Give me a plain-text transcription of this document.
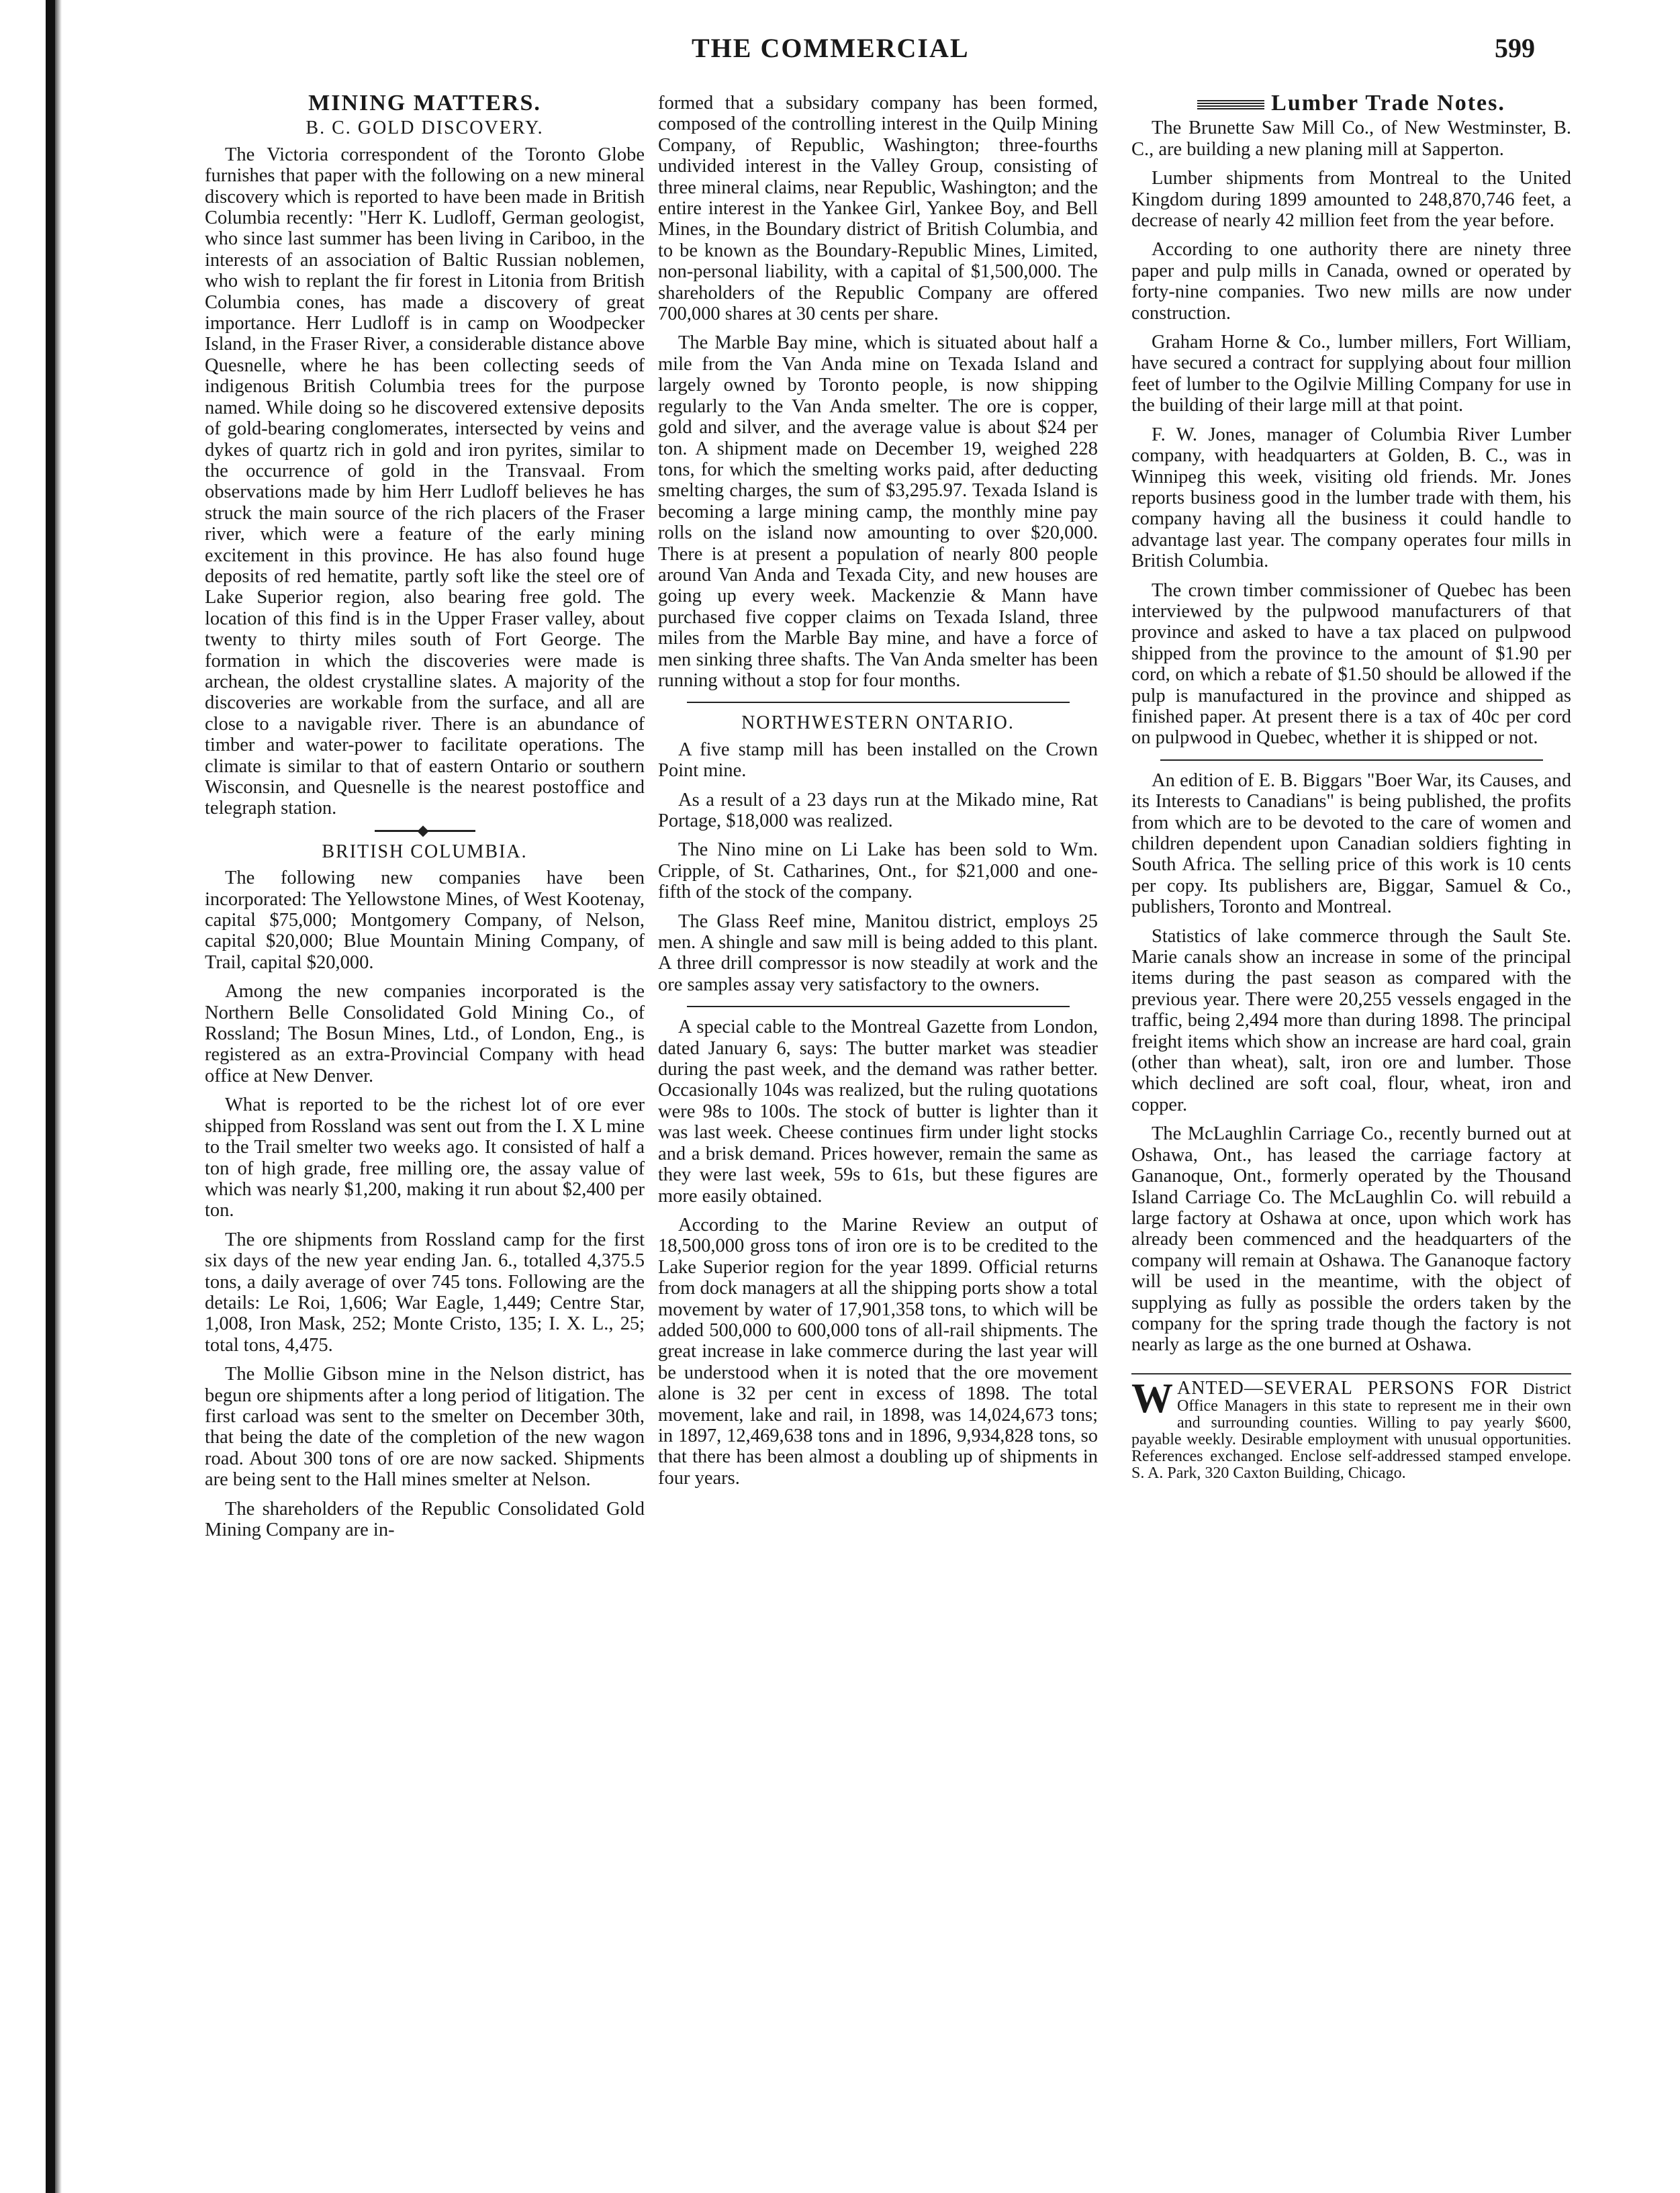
THE COMMERCIAL	599
MINING MATTERS.
B. C. GOLD DISCOVERY.

The Victoria correspondent of the Toronto Globe furnishes that paper with the following on a new mineral discovery which is reported to have been made in British Columbia recently: "Herr K. Ludloff, German geologist, who since last summer has been living in Cariboo, in the interests of an association of Baltic Russian noblemen, who wish to replant the fir forest in Litonia from British Columbia cones, has made a discovery of great importance. Herr Ludloff is in camp on Woodpecker Island, in the Fraser River, a considerable distance above Quesnelle, where he has been collecting seeds of indigenous British Columbia trees for the purpose named. While doing so he discovered extensive deposits of gold-bearing conglomerates, intersected by veins and dykes of quartz rich in gold and iron pyrites, similar to the occurrence of gold in the Transvaal. From observations made by him Herr Ludloff believes he has struck the main source of the rich placers of the Fraser river, which were a feature of the early mining excitement in this province. He has also found huge deposits of red hematite, partly soft like the steel ore of Lake Superior region, also bearing free gold. The location of this find is in the Upper Fraser valley, about twenty to thirty miles south of Fort George. The formation in which the discoveries were made is archean, the oldest crystalline slates. A majority of the discoveries are workable from the surface, and all are close to a navigable river. There is an abundance of timber and water-power to facilitate operations. The climate is similar to that of eastern Ontario or southern Wisconsin, and Quesnelle is the nearest postoffice and telegraph station.

BRITISH COLUMBIA.

The following new companies have been incorporated: The Yellowstone Mines, of West Kootenay, capital $75,000; Montgomery Company, of Nelson, capital $20,000; Blue Mountain Mining Company, of Trail, capital $20,000.

Among the new companies incorporated is the Northern Belle Consolidated Gold Mining Co., of Rossland; The Bosun Mines, Ltd., of London, Eng., is registered as an extra-Provincial Company with head office at New Denver.

What is reported to be the richest lot of ore ever shipped from Rossland was sent out from the I. X L mine to the Trail smelter two weeks ago. It consisted of half a ton of high grade, free milling ore, the assay value of which was nearly $1,200, making it run about $2,400 per ton.

The ore shipments from Rossland camp for the first six days of the new year ending Jan. 6., totalled 4,375.5 tons, a daily average of over 745 tons. Following are the details: Le Roi, 1,606; War Eagle, 1,449; Centre Star, 1,008, Iron Mask, 252; Monte Cristo, 135; I. X. L., 25; total tons, 4,475.

The Mollie Gibson mine in the Nelson district, has begun ore shipments after a long period of litigation. The first carload was sent to the smelter on December 30th, that being the date of the completion of the new wagon road. About 300 tons of ore are now sacked. Shipments are being sent to the Hall mines smelter at Nelson.

The shareholders of the Republic Consolidated Gold Mining Company are in-

formed that a subsidary company has been formed, composed of the controlling interest in the Quilp Mining Company, of Republic, Washington; three-fourths undivided interest in the Valley Group, consisting of three mineral claims, near Republic, Washington; and the entire interest in the Yankee Girl, Yankee Boy, and Bell Mines, in the Boundary district of British Columbia, and to be known as the Boundary-Republic Mines, Limited, non-personal liability, with a capital of $1,500,000. The shareholders of the Republic Company are offered 700,000 shares at 30 cents per share.

The Marble Bay mine, which is situated about half a mile from the Van Anda mine on Texada Island and largely owned by Toronto people, is now shipping regularly to the Van Anda smelter. The ore is copper, gold and silver, and the average value is about $24 per ton. A shipment made on December 19, weighed 228 tons, for which the smelting works paid, after deducting smelting charges, the sum of $3,295.97. Texada Island is becoming a large mining camp, the monthly mine pay rolls on the island now amounting to over $20,000. There is at present a population of nearly 800 people around Van Anda and Texada City, and new houses are going up every week. Mackenzie & Mann have purchased five copper claims on Texada Island, three miles from the Marble Bay mine, and have a force of men sinking three shafts. The Van Anda smelter has been running without a stop for four months.

NORTHWESTERN ONTARIO.

A five stamp mill has been installed on the Crown Point mine.

As a result of a 23 days run at the Mikado mine, Rat Portage, $18,000 was realized.

The Nino mine on Li Lake has been sold to Wm. Cripple, of St. Catharines, Ont., for $21,000 and one-fifth of the stock of the company.

The Glass Reef mine, Manitou district, employs 25 men. A shingle and saw mill is being added to this plant. A three drill compressor is now steadily at work and the ore samples assay very satisfactory to the owners.

A special cable to the Montreal Gazette from London, dated January 6, says: The butter market was steadier during the past week, and the demand was rather better. Occasionally 104s was realized, but the ruling quotations were 98s to 100s. The stock of butter is lighter than it was last week. Cheese continues firm under light stocks and a brisk demand. Prices however, remain the same as they were last week, 59s to 61s, but these figures are more easily obtained.

According to the Marine Review an output of 18,500,000 gross tons of iron ore is to be credited to the Lake Superior region for the year 1899. Official returns from dock managers at all the shipping ports show a total movement by water of 17,901,358 tons, to which will be added 500,000 to 600,000 tons of all-rail shipments. The great increase in lake commerce during the last year will be understood when it is noted that the ore movement alone is 32 per cent in excess of 1898. The total movement, lake and rail, in 1898, was 14,024,673 tons; in 1897, 12,469,638 tons and in 1896, 9,934,828 tons, so that there has been almost a doubling up of shipments in four years.

Lumber Trade Notes.

The Brunette Saw Mill Co., of New Westminster, B. C., are building a new planing mill at Sapperton.

Lumber shipments from Montreal to the United Kingdom during 1899 amounted to 248,870,746 feet, a decrease of nearly 42 million feet from the year before.

According to one authority there are ninety three paper and pulp mills in Canada, owned or operated by forty-nine companies. Two new mills are now under construction.

Graham Horne & Co., lumber millers, Fort William, have secured a contract for supplying about four million feet of lumber to the Ogilvie Milling Company for use in the building of their large mill at that point.

F. W. Jones, manager of Columbia River Lumber company, with headquarters at Golden, B. C., was in Winnipeg this week, visiting old friends. Mr. Jones reports business good in the lumber trade with them, his company having all the business it could handle to advantage last year. The company operates four mills in British Columbia.

The crown timber commissioner of Quebec has been interviewed by the pulpwood manufacturers of that province and asked to have a tax placed on pulpwood shipped from the province to the amount of $1.90 per cord, on which a rebate of $1.50 should be allowed if the pulp is manufactured in the province and shipped as finished paper. At present there is a tax of 40c per cord on pulpwood in Quebec, whether it is shipped or not.

An edition of E. B. Biggars "Boer War, its Causes, and its Interests to Canadians" is being published, the profits from which are to be devoted to the care of women and children dependent upon Canadian soldiers fighting in South Africa. The selling price of this work is 10 cents per copy. Its publishers are, Biggar, Samuel & Co., publishers, Toronto and Montreal.

Statistics of lake commerce through the Sault Ste. Marie canals show an increase in some of the principal items during the past season as compared with the previous year. There were 20,255 vessels engaged in the traffic, being 2,494 more than during 1898. The principal freight items which show an increase are hard coal, grain (other than wheat), salt, iron ore and lumber. Those which declined are soft coal, flour, wheat, iron and copper.

The McLaughlin Carriage Co., recently burned out at Oshawa, Ont., has leased the carriage factory at Gananoque, Ont., formerly operated by the Thousand Island Carriage Co. The McLaughlin Co. will rebuild a large factory at Oshawa at once, upon which work has already been commenced and the headquarters of the company will remain at Oshawa. The Gananoque factory will be used in the meantime, with the object of supplying as fully as possible the orders taken by the company for the spring trade though the factory is not nearly as large as the one burned at Oshawa.

W ANTED—SEVERAL PERSONS FOR District Office Managers in this state to represent me in their own and surrounding counties. Willing to pay yearly $600, payable weekly. Desirable employment with unusual opportunities. References exchanged. Enclose self-addressed stamped envelope. S. A. Park, 320 Caxton Building, Chicago.
